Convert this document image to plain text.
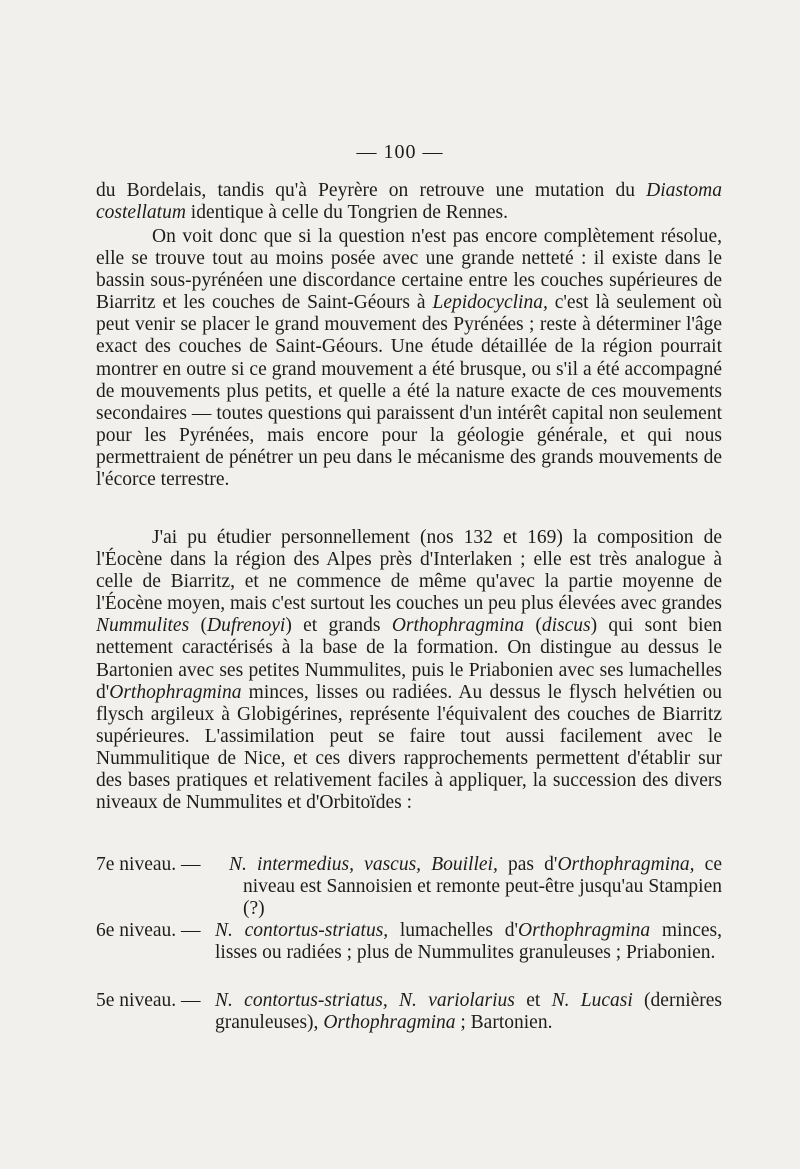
— 100 —
du Bordelais, tandis qu'à Peyrère on retrouve une mutation du Diastoma costellatum identique à celle du Tongrien de Rennes.
On voit donc que si la question n'est pas encore complètement résolue, elle se trouve tout au moins posée avec une grande netteté : il existe dans le bassin sous-pyrénéen une discordance certaine entre les couches supérieures de Biarritz et les couches de Saint-Géours à Lepidocyclina, c'est là seulement où peut venir se placer le grand mouvement des Pyrénées ; reste à déterminer l'âge exact des couches de Saint-Géours. Une étude détaillée de la région pourrait montrer en outre si ce grand mouvement a été brusque, ou s'il a été accompagné de mouvements plus petits, et quelle a été la nature exacte de ces mouvements secondaires — toutes questions qui paraissent d'un intérêt capital non seulement pour les Pyrénées, mais encore pour la géologie générale, et qui nous permettraient de pénétrer un peu dans le mécanisme des grands mouvements de l'écorce terrestre.
J'ai pu étudier personnellement (nos 132 et 169) la composition de l'Éocène dans la région des Alpes près d'Interlaken ; elle est très analogue à celle de Biarritz, et ne commence de même qu'avec la partie moyenne de l'Éocène moyen, mais c'est surtout les couches un peu plus élevées avec grandes Nummulites (Dufrenoyi) et grands Orthophragmina (discus) qui sont bien nettement caractérisés à la base de la formation. On distingue au dessus le Bartonien avec ses petites Nummulites, puis le Priabonien avec ses lumachelles d'Orthophragmina minces, lisses ou radiées. Au dessus le flysch helvétien ou flysch argileux à Globigérines, représente l'équivalent des couches de Biarritz supérieures. L'assimilation peut se faire tout aussi facilement avec le Nummulitique de Nice, et ces divers rapprochements permettent d'établir sur des bases pratiques et relativement faciles à appliquer, la succession des divers niveaux de Nummulites et d'Orbitoïdes :
7e niveau. — N. intermedius, vascus, Bouillei, pas d'Orthophragmina, ce niveau est Sannoisien et remonte peut-être jusqu'au Stampien (?)
6e niveau. — N. contortus-striatus, lumachelles d'Orthophragmina minces, lisses ou radiées ; plus de Nummulites granuleuses ; Priabonien.
5e niveau. — N. contortus-striatus, N. variolarius et N. Lucasi (dernières granuleuses), Orthophragmina ; Bartonien.
